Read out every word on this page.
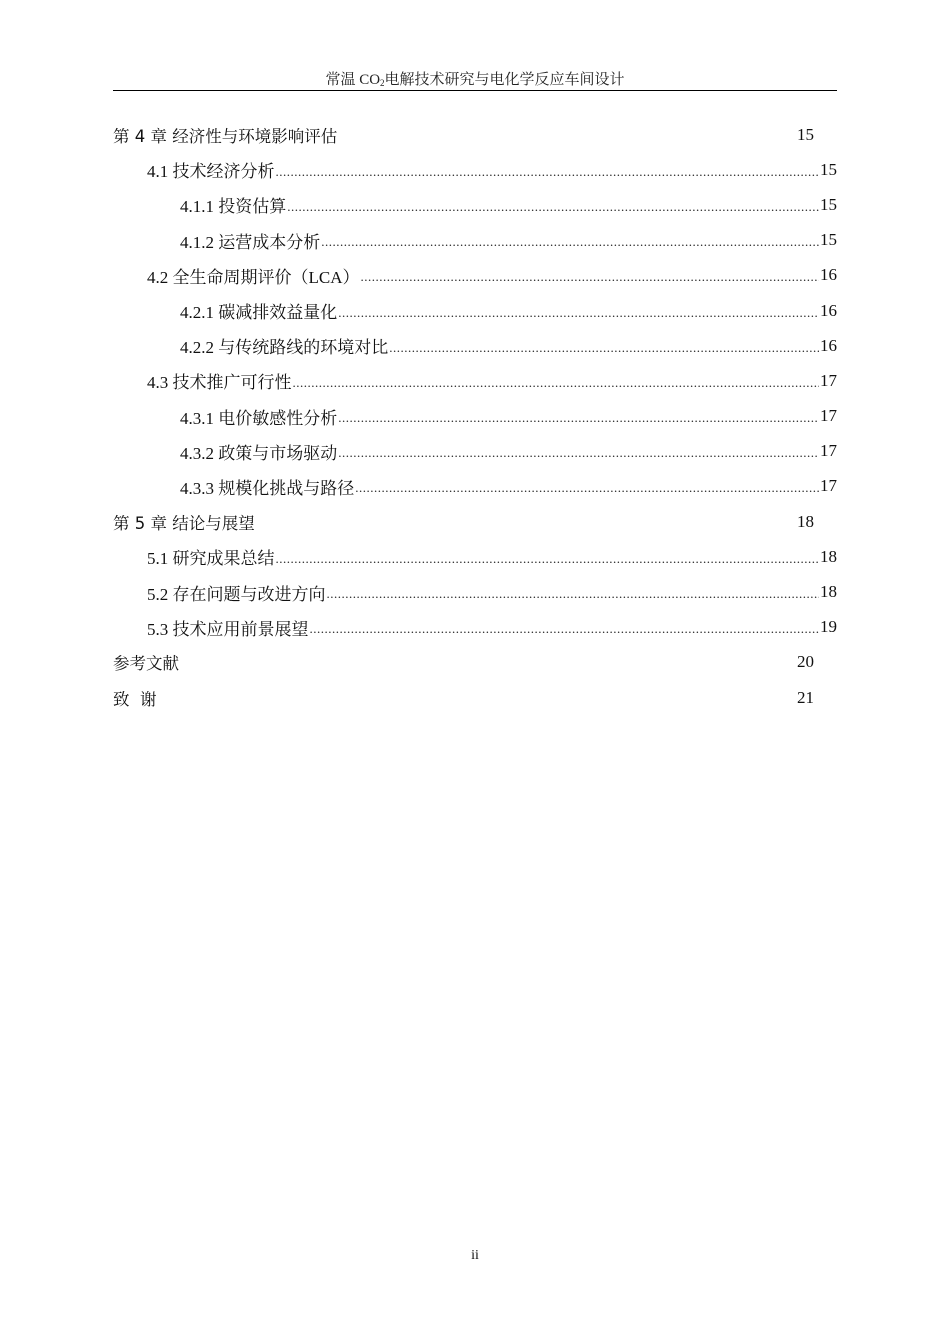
常温 $CO_2$电解技术研究与电化学反应车间设计
第 4 章 经济性与环境影响评估	15
4.1 技术经济分析 .....	15
4.1.1 投资估算 .....	15
4.1.2 运营成本分析 .....	15
4.2 全生命周期评价（LCA） .....	16
4.2.1 碳减排效益量化 .....	16
4.2.2 与传统路线的环境对比 .....	16
4.3 技术推广可行性 .....	17
4.3.1 电价敏感性分析 .....	17
4.3.2 政策与市场驱动 .....	17
4.3.3 规模化挑战与路径 .....	17
第 5 章 结论与展望	18
5.1 研究成果总结 .....	18
5.2 存在问题与改进方向 .....	18
5.3 技术应用前景展望 .....	19
参考文献	20
致  谢	21
ii
